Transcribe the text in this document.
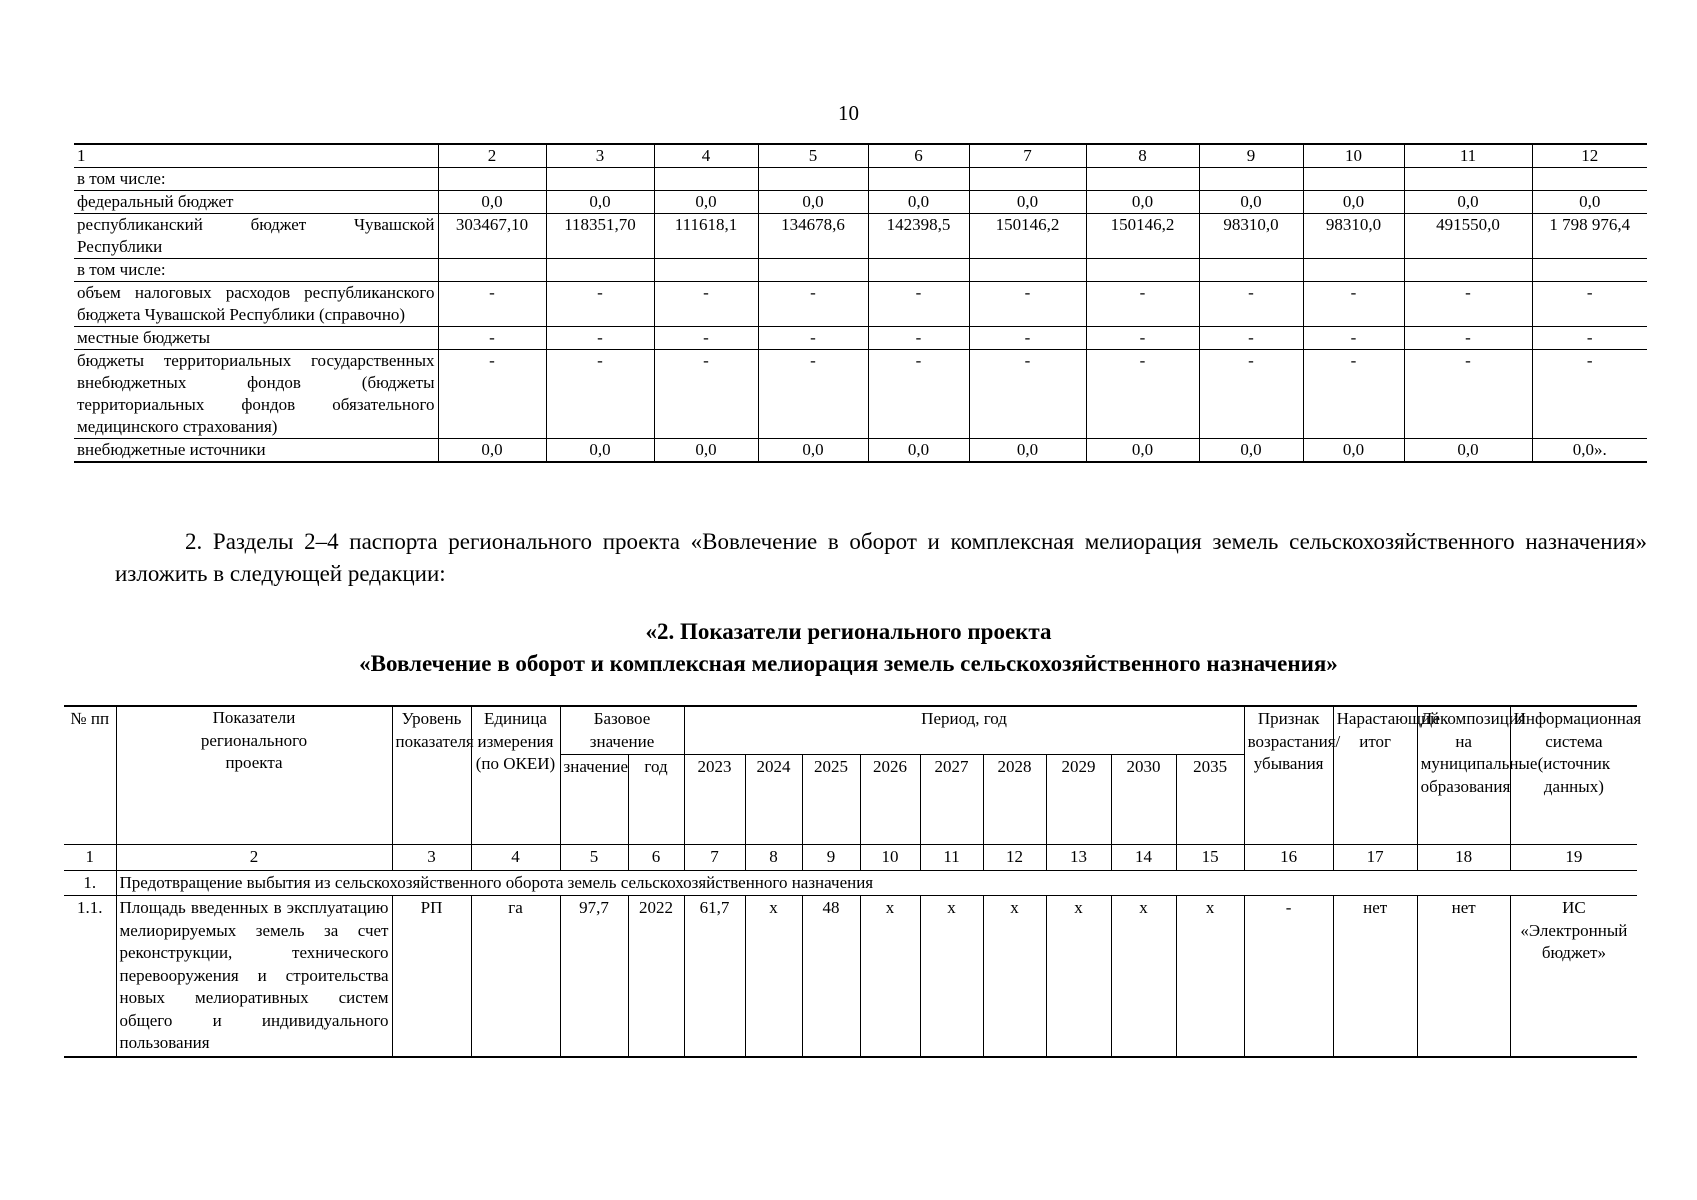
10
1	2	3	4	5	6	7	8	9	10	11	12
в том числе:											
федеральный бюджет	0,0	0,0	0,0	0,0	0,0	0,0	0,0	0,0	0,0	0,0	0,0
республиканский бюджет Чувашской Республики	303467,10	118351,70	111618,1	134678,6	142398,5	150146,2	150146,2	98310,0	98310,0	491550,0	1 798 976,4
в том числе:											
объем налоговых расходов республиканского бюджета Чувашской Республики (справочно)	-	-	-	-	-	-	-	-	-	-	-
местные бюджеты	-	-	-	-	-	-	-	-	-	-	-
бюджеты территориальных государственных внебюджетных фондов (бюджеты территориальных фондов обязательного медицинского страхования)	-	-	-	-	-	-	-	-	-	-	-
внебюджетные источники	0,0	0,0	0,0	0,0	0,0	0,0	0,0	0,0	0,0	0,0	0,0».
2. Разделы 2–4 паспорта регионального проекта «Вовлечение в оборот и комплексная мелиорация земель сельскохозяйственного назначения» изложить в следующей редакции:
«2. Показатели регионального проекта
«Вовлечение в оборот и комплексная мелиорация земель сельскохозяйственного назначения»
№ пп	Показатели регионального проекта	Уровень показателя	Единица измерения (по ОКЕИ)	Базовое значение		Период, год									Признак возрастания/ убывания	Нарастающий итог	Декомпозиция на муниципальные образования	Информационная система (источник данных)
				значение	год	2023	2024	2025	2026	2027	2028	2029	2030	2035				
1	2	3	4	5	6	7	8	9	10	11	12	13	14	15	16	17	18	19
1.	Предотвращение выбытия из сельскохозяйственного оборота земель сельскохозяйственного назначения																	
1.1.	Площадь введенных в эксплуатацию мелиорируемых земель за счет реконструкции, технического перевооружения и строительства новых мелиоративных систем общего и индивидуального пользования	РП	га	97,7	2022	61,7	x	48	x	x	x	x	x	x	-	нет	нет	ИС «Электронный бюджет»
